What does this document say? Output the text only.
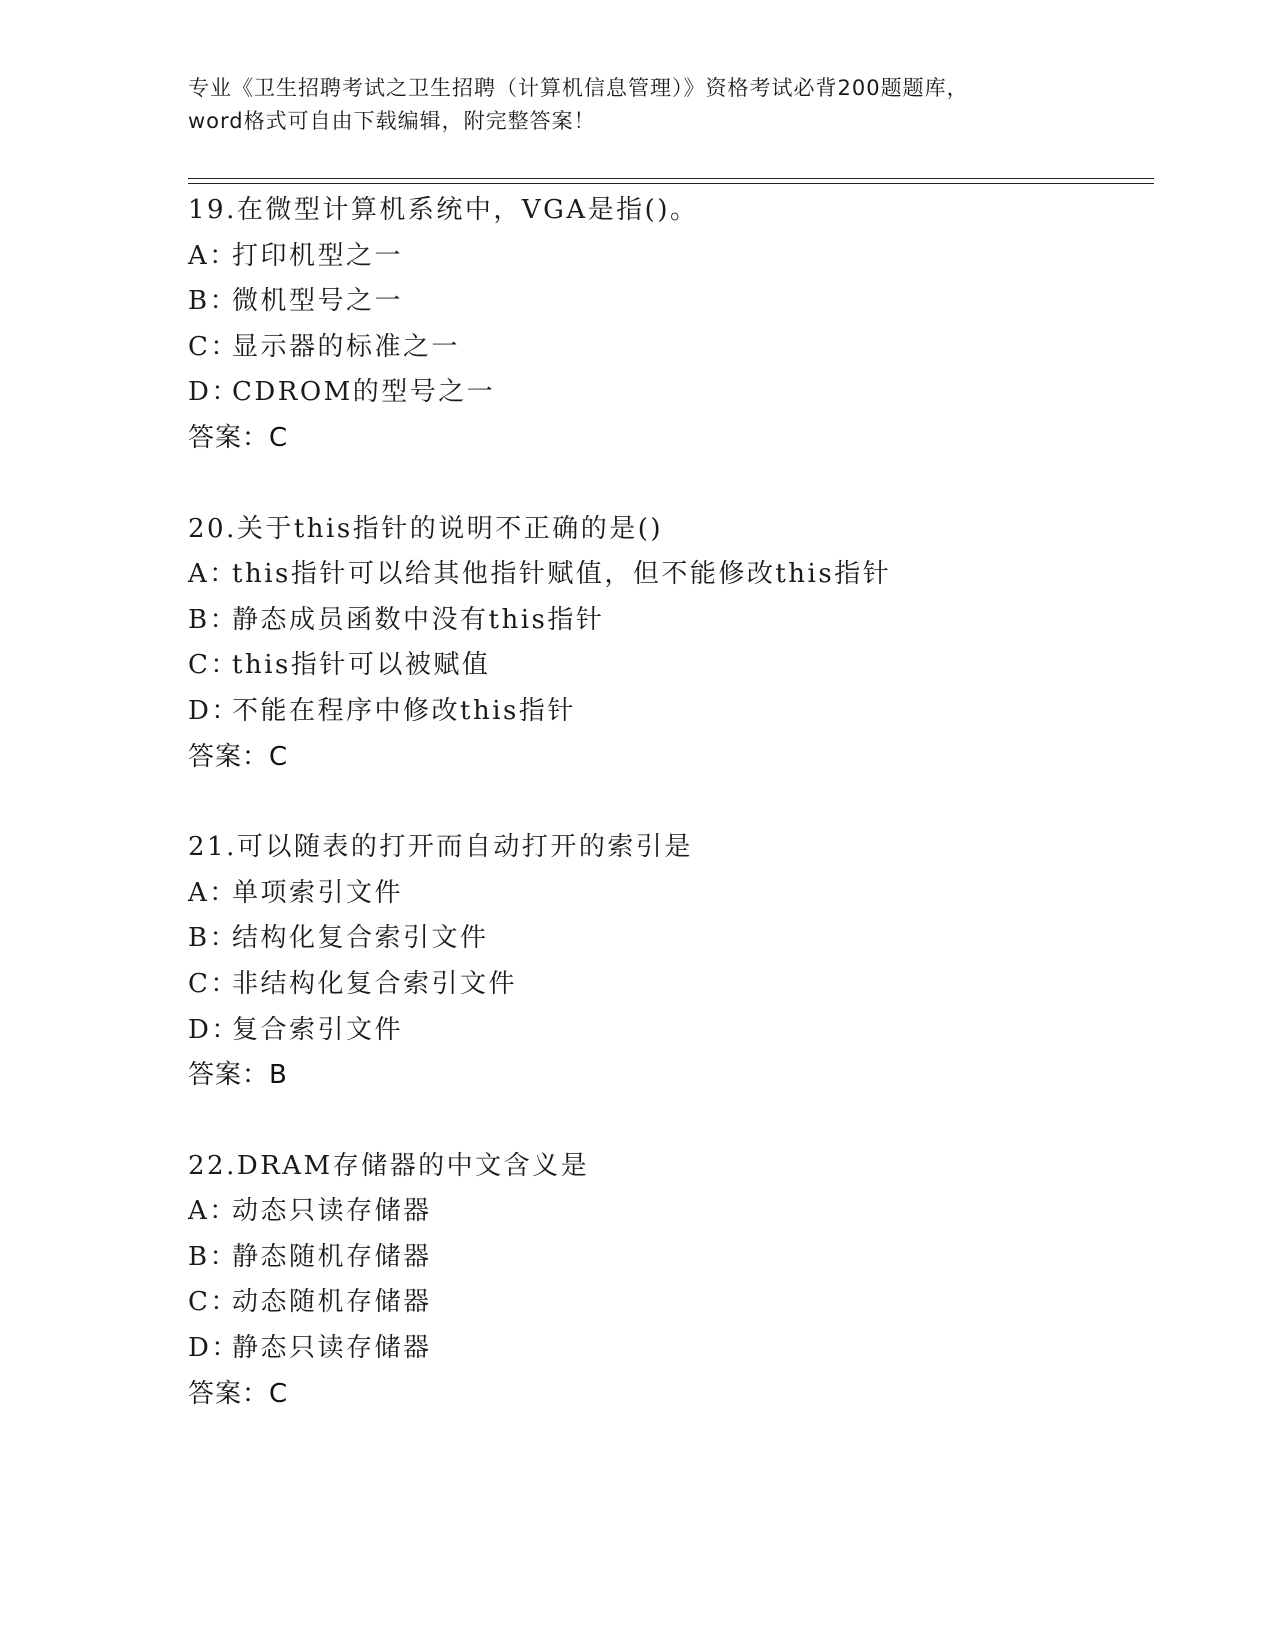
专业《卫生招聘考试之卫生招聘（计算机信息管理）》资格考试必背200题题库，
word格式可自由下载编辑，附完整答案！
19.在微型计算机系统中，VGA是指()。
A：打印机型之一
B：微机型号之一
C：显示器的标准之一
D：CDROM的型号之一
答案：C
20.关于this指针的说明不正确的是()
A：this指针可以给其他指针赋值，但不能修改this指针
B：静态成员函数中没有this指针
C：this指针可以被赋值
D：不能在程序中修改this指针
答案：C
21.可以随表的打开而自动打开的索引是
A：单项索引文件
B：结构化复合索引文件
C：非结构化复合索引文件
D：复合索引文件
答案：B
22.DRAM存储器的中文含义是
A：动态只读存储器
B：静态随机存储器
C：动态随机存储器
D：静态只读存储器
答案：C
